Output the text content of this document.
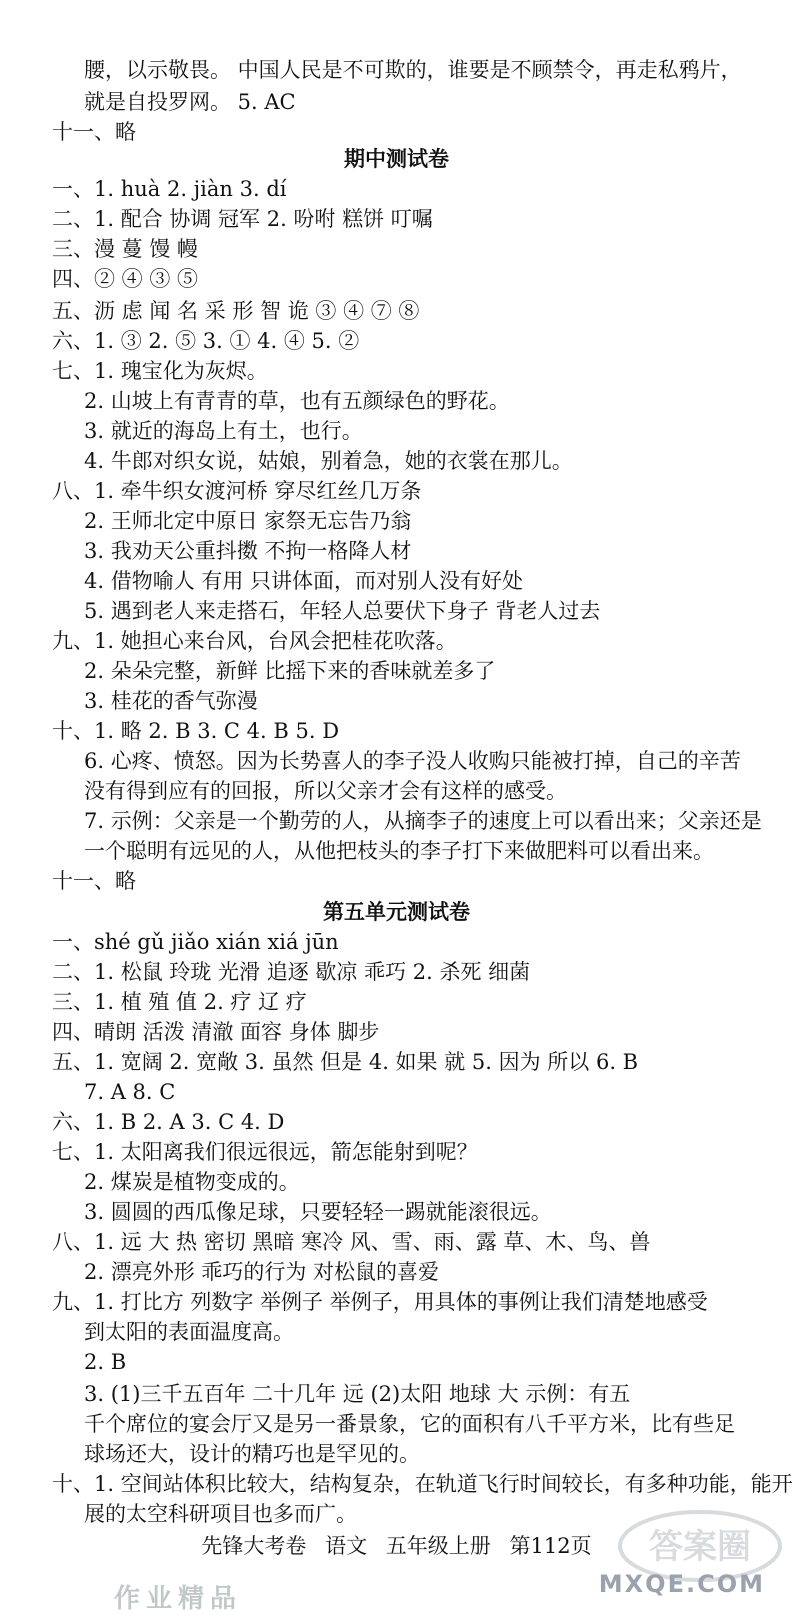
腰，以示敬畏。 中国人民是不可欺的，谁要是不顾禁令，再走私鸦片，
就是自投罗网。 5. AC
十一、略
期中测试卷
一、1. huà 2. jiàn 3. dí
二、1. 配合 协调 冠军 2. 吩咐 糕饼 叮嘱
三、漫 蔓 馒 幔
四、② ④ ③ ⑤
五、沥 虑 闻 名 采 形 智 诡 ③ ④ ⑦ ⑧
六、1. ③ 2. ⑤ 3. ① 4. ④ 5. ②
七、1. 瑰宝化为灰烬。
2. 山坡上有青青的草，也有五颜绿色的野花。
3. 就近的海岛上有土，也行。
4. 牛郎对织女说，姑娘，别着急，她的衣裳在那儿。
八、1. 牵牛织女渡河桥 穿尽红丝几万条
2. 王师北定中原日 家祭无忘告乃翁
3. 我劝天公重抖擞 不拘一格降人材
4. 借物喻人 有用 只讲体面，而对别人没有好处
5. 遇到老人来走搭石，年轻人总要伏下身子 背老人过去
九、1. 她担心来台风，台风会把桂花吹落。
2. 朵朵完整，新鲜 比摇下来的香味就差多了
3. 桂花的香气弥漫
十、1. 略 2. B 3. C 4. B 5. D
6. 心疼、愤怒。因为长势喜人的李子没人收购只能被打掉，自己的辛苦
没有得到应有的回报，所以父亲才会有这样的感受。
7. 示例：父亲是一个勤劳的人，从摘李子的速度上可以看出来；父亲还是
一个聪明有远见的人，从他把枝头的李子打下来做肥料可以看出来。
十一、略
第五单元测试卷
一、shé gǔ jiǎo xián xiá jūn
二、1. 松鼠 玲珑 光滑 追逐 歇凉 乖巧 2. 杀死 细菌
三、1. 植 殖 值 2. 疗 辽 疗
四、晴朗 活泼 清澈 面容 身体 脚步
五、1. 宽阔 2. 宽敞 3. 虽然 但是 4. 如果 就 5. 因为 所以 6. B
7. A 8. C
六、1. B 2. A 3. C 4. D
七、1. 太阳离我们很远很远，箭怎能射到呢？
2. 煤炭是植物变成的。
3. 圆圆的西瓜像足球，只要轻轻一踢就能滚很远。
八、1. 远 大 热 密切 黑暗 寒冷 风、雪、雨、露 草、木、鸟、兽
2. 漂亮外形 乖巧的行为 对松鼠的喜爱
九、1. 打比方 列数字 举例子 举例子，用具体的事例让我们清楚地感受
到太阳的表面温度高。
2. B
3. (1)三千五百年 二十几年 远 (2)太阳 地球 大 示例：有五
千个席位的宴会厅又是另一番景象，它的面积有八千平方米，比有些足
球场还大，设计的精巧也是罕见的。
十、1. 空间站体积比较大，结构复杂，在轨道飞行时间较长，有多种功能，能开
展的太空科研项目也多而广。
先锋大考卷 语文 五年级上册 第112页	答案圈
MXQE.COM
作业精品
